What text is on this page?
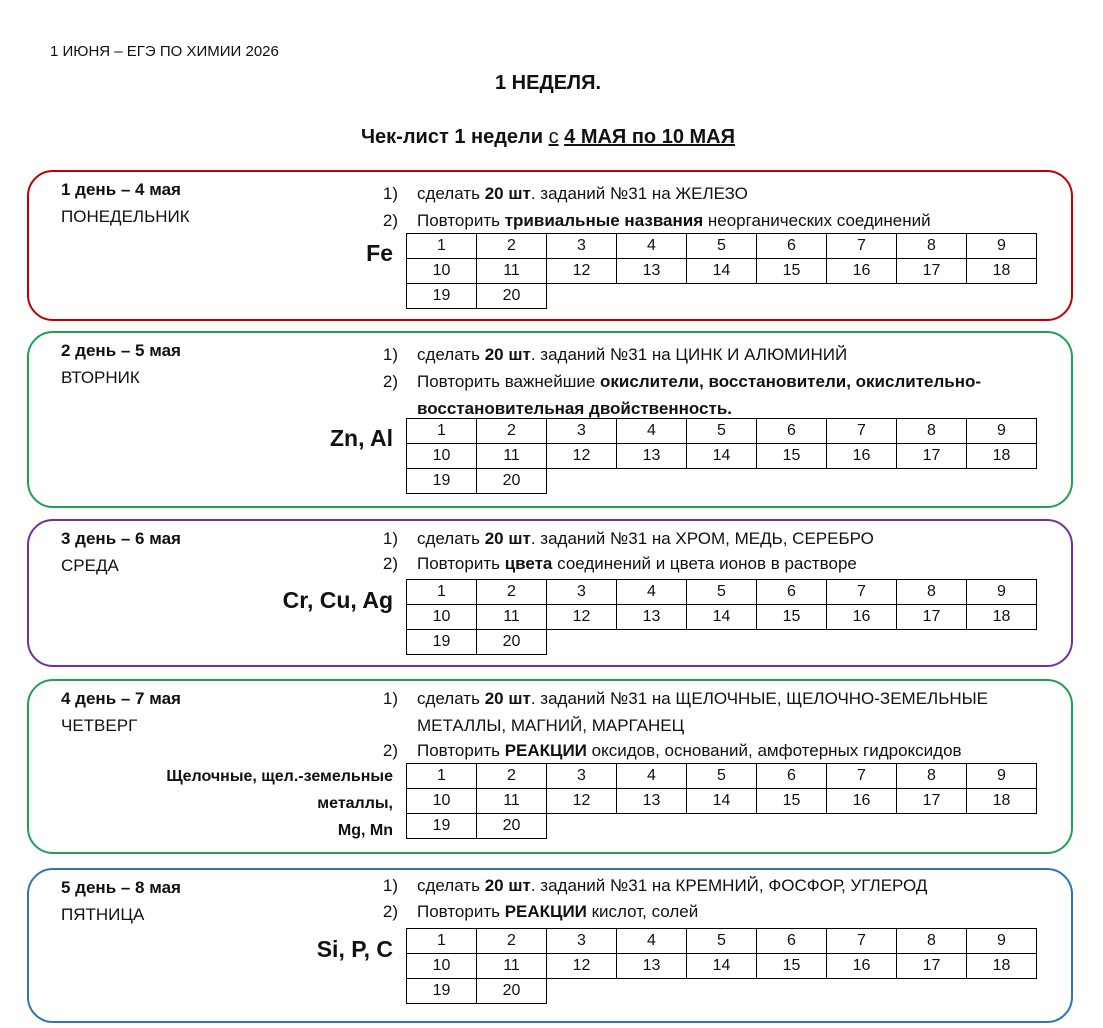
1 ИЮНЯ – ЕГЭ ПО ХИМИИ 2026
1 НЕДЕЛЯ.
Чек-лист 1 недели с 4 МАЯ по 10 МАЯ
1 день – 4 мая
ПОНЕДЕЛЬНИК
1) сделать 20 шт. заданий №31 на ЖЕЛЕЗО
2) Повторить тривиальные названия неорганических соединений
Fe	1	2	3	4	5	6	7	8	9
10	11	12	13	14	15	16	17	18
19	20							
2 день – 5 мая
ВТОРНИК
1) сделать 20 шт. заданий №31 на ЦИНК И АЛЮМИНИЙ
2) Повторить важнейшие окислители, восстановители, окислительно-восстановительная двойственность.
Zn, Al	1	2	3	4	5	6	7	8	9
10	11	12	13	14	15	16	17	18
19	20							
3 день – 6 мая
СРЕДА
1) сделать 20 шт. заданий №31 на ХРОМ, МЕДЬ, СЕРЕБРО
2) Повторить цвета соединений и цвета ионов в растворе
Cr, Cu, Ag	1	2	3	4	5	6	7	8	9
10	11	12	13	14	15	16	17	18
19	20							
4 день – 7 мая
ЧЕТВЕРГ
1) сделать 20 шт. заданий №31 на ЩЕЛОЧНЫЕ, ЩЕЛОЧНО-ЗЕМЕЛЬНЫЕ МЕТАЛЛЫ, МАГНИЙ, МАРГАНЕЦ
2) Повторить РЕАКЦИИ оксидов, оснований, амфотерных гидроксидов
Щелочные, щел.-земельные
металлы,
Mg, Mn
1	2	3	4	5	6	7	8	9
10	11	12	13	14	15	16	17	18
19	20							
5 день – 8 мая
ПЯТНИЦА
1) сделать 20 шт. заданий №31 на КРЕМНИЙ, ФОСФОР, УГЛЕРОД
2) Повторить РЕАКЦИИ кислот, солей
Si, P, C	1	2	3	4	5	6	7	8	9
10	11	12	13	14	15	16	17	18
19	20							
